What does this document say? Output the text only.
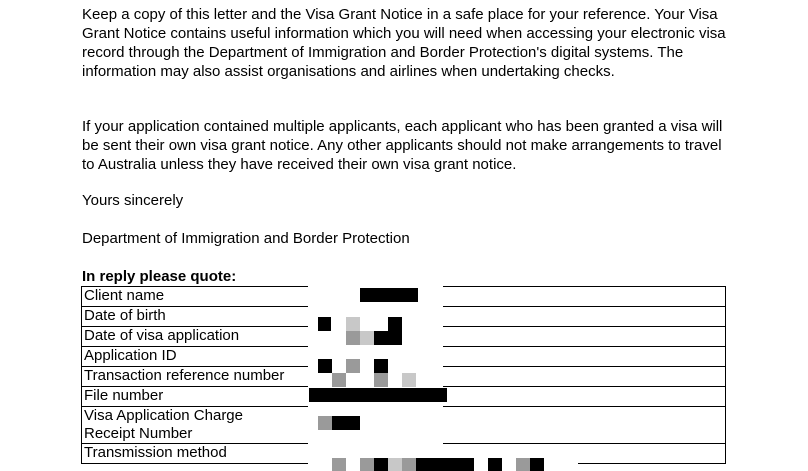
Keep a copy of this letter and the Visa Grant Notice in a safe place for your reference. Your Visa Grant Notice contains useful information which you will need when accessing your electronic visa record through the Department of Immigration and Border Protection's digital systems. The information may also assist organisations and airlines when undertaking checks.

If your application contained multiple applicants, each applicant who has been granted a visa will be sent their own visa grant notice. Any other applicants should not make arrangements to travel to Australia unless they have received their own visa grant notice.

Yours sincerely

Department of Immigration and Border Protection

In reply please quote:

Client name	
Date of birth	
Date of visa application	
Application ID	
Transaction reference number	
File number	
Visa Application Charge
Receipt Number	
Transmission method	
